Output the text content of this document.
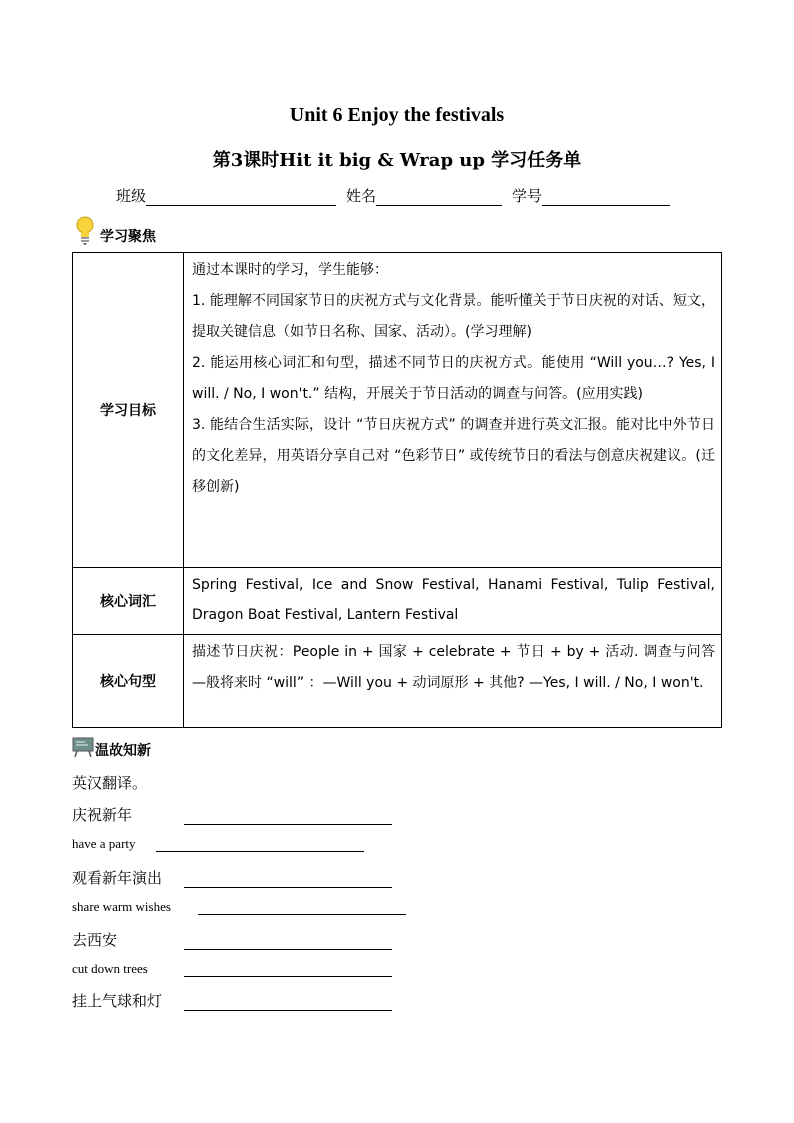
Unit 6 Enjoy the festivals
第3课时Hit it big & Wrap up 学习任务单
班级	姓名	学号
学习聚焦
学习目标	通过本课时的学习，学生能够：
1. 能理解不同国家节日的庆祝方式与文化背景。能听懂关于节日庆祝的对话、短文，提取关键信息（如节日名称、国家、活动）。(学习理解)
2. 能运用核心词汇和句型，描述不同节日的庆祝方式。能使用 “Will you…? Yes, I will. / No, I won't.” 结构，开展关于节日活动的调查与问答。(应用实践)
3. 能结合生活实际，设计 “节日庆祝方式” 的调查并进行英文汇报。能对比中外节日的文化差异，用英语分享自己对 “色彩节日” 或传统节日的看法与创意庆祝建议。(迁移创新)

核心词汇	Spring Festival, Ice and Snow Festival, Hanami Festival, Tulip Festival, Dragon Boat Festival, Lantern Festival
核心句型	描述节日庆祝：People in + 国家 + celebrate + 节日 + by + 活动. 调查与问答—般将来时 “will” ：—Will you + 动词原形 + 其他? —Yes, I will. / No, I won't.
温故知新
英汉翻译。
庆祝新年
have a party
观看新年演出
share warm wishes
去西安
cut down trees
挂上气球和灯
